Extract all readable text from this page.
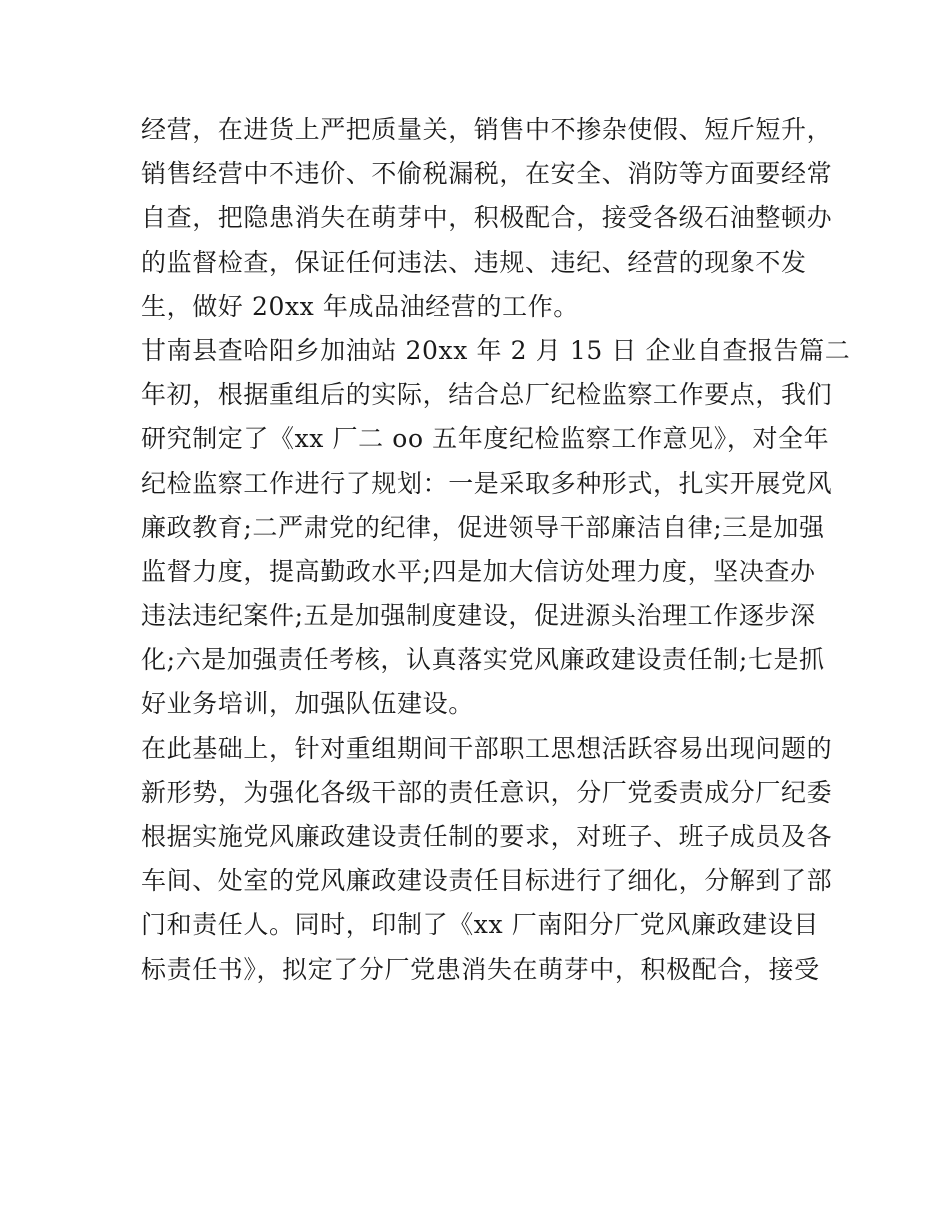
经营，在进货上严把质量关，销售中不掺杂使假、短斤短升，
销售经营中不违价、不偷税漏税，在安全、消防等方面要经常
自查，把隐患消失在萌芽中，积极配合，接受各级石油整顿办
的监督检查，保证任何违法、违规、违纪、经营的现象不发
生，做好 20xx 年成品油经营的工作。
甘南县查哈阳乡加油站 20xx 年 2 月 15 日 企业自查报告篇二
年初，根据重组后的实际，结合总厂纪检监察工作要点，我们
研究制定了《xx 厂二 oo 五年度纪检监察工作意见》，对全年
纪检监察工作进行了规划：一是采取多种形式，扎实开展党风
廉政教育;二严肃党的纪律，促进领导干部廉洁自律;三是加强
监督力度，提高勤政水平;四是加大信访处理力度，坚决查办
违法违纪案件;五是加强制度建设，促进源头治理工作逐步深
化;六是加强责任考核，认真落实党风廉政建设责任制;七是抓
好业务培训，加强队伍建设。
在此基础上，针对重组期间干部职工思想活跃容易出现问题的
新形势，为强化各级干部的责任意识，分厂党委责成分厂纪委
根据实施党风廉政建设责任制的要求，对班子、班子成员及各
车间、处室的党风廉政建设责任目标进行了细化，分解到了部
门和责任人。同时，印制了《xx 厂南阳分厂党风廉政建设目
标责任书》，拟定了分厂党患消失在萌芽中，积极配合，接受
